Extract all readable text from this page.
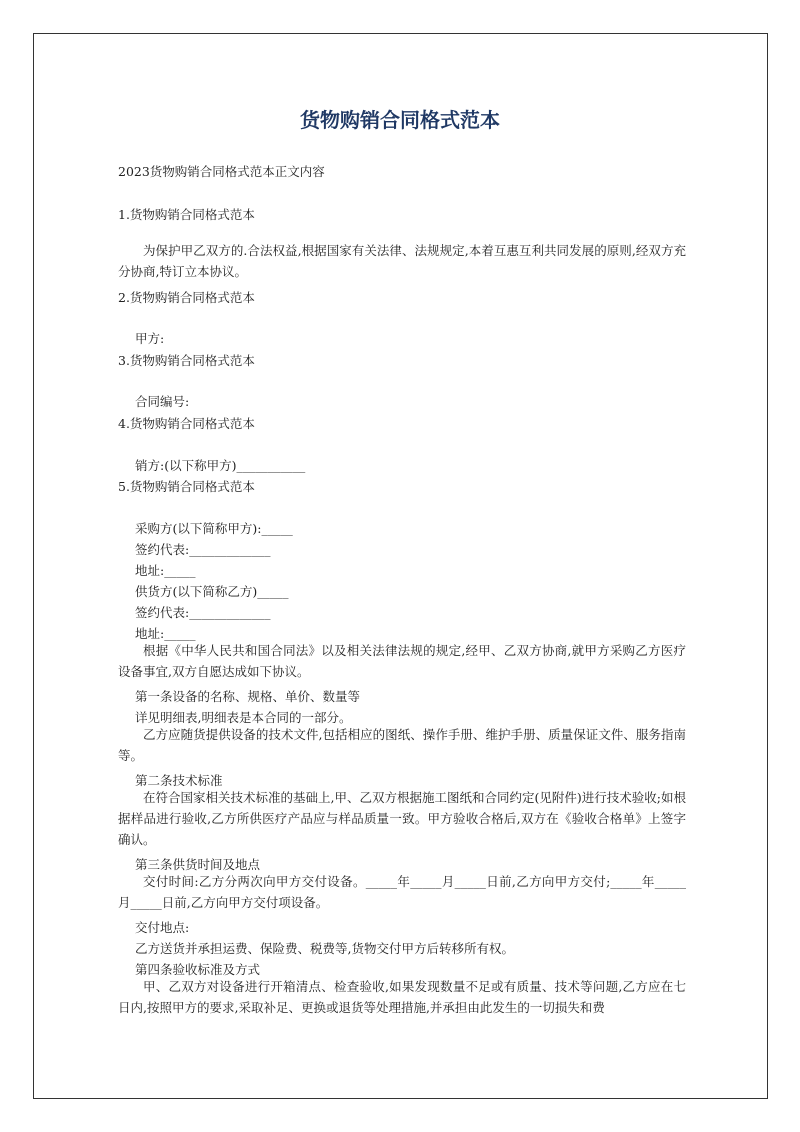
货物购销合同格式范本
2023货物购销合同格式范本正文内容
1.货物购销合同格式范本
为保护甲乙双方的.合法权益,根据国家有关法律、法规规定,本着互惠互利共同发展的原则,经双方充分协商,特订立本协议。
2.货物购销合同格式范本
甲方:
3.货物购销合同格式范本
合同编号:
4.货物购销合同格式范本
销方:(以下称甲方)___________
5.货物购销合同格式范本
采购方(以下简称甲方):_____
签约代表:_____________
地址:_____
供货方(以下简称乙方)_____
签约代表:_____________
地址:_____
根据《中华人民共和国合同法》以及相关法律法规的规定,经甲、乙双方协商,就甲方采购乙方医疗设备事宜,双方自愿达成如下协议。
第一条设备的名称、规格、单价、数量等
详见明细表,明细表是本合同的一部分。
乙方应随货提供设备的技术文件,包括相应的图纸、操作手册、维护手册、质量保证文件、服务指南等。
第二条技术标准
在符合国家相关技术标准的基础上,甲、乙双方根据施工图纸和合同约定(见附件)进行技术验收;如根据样品进行验收,乙方所供医疗产品应与样品质量一致。甲方验收合格后,双方在《验收合格单》上签字确认。
第三条供货时间及地点
交付时间:乙方分两次向甲方交付设备。_____年_____月_____日前,乙方向甲方交付;_____年_____月_____日前,乙方向甲方交付项设备。
交付地点:
乙方送货并承担运费、保险费、税费等,货物交付甲方后转移所有权。
第四条验收标准及方式
甲、乙双方对设备进行开箱清点、检查验收,如果发现数量不足或有质量、技术等问题,乙方应在七日内,按照甲方的要求,采取补足、更换或退货等处理措施,并承担由此发生的一切损失和费
